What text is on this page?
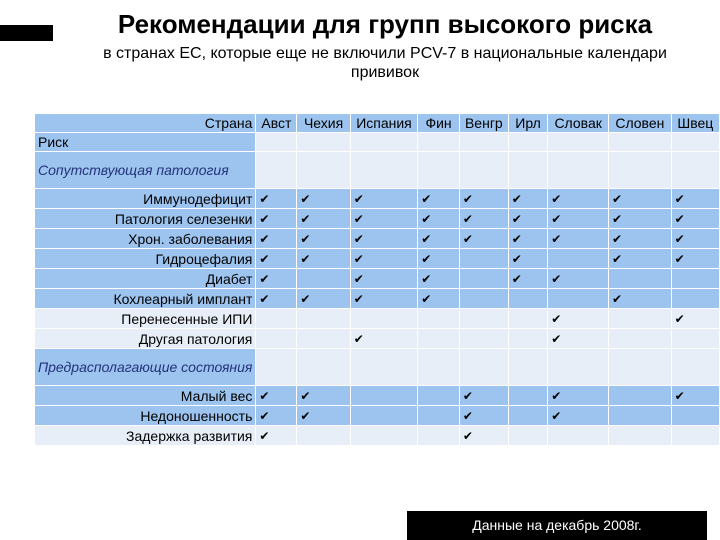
Рекомендации для групп высокого риска
в странах ЕС, которые еще не включили PCV-7 в национальные календари
прививок
Страна	Авст	Чехия	Испания	Фин	Венгр	Ирл	Словак	Словен	Швец
Риск									
Сопутствующая патология									
Иммунодефицит	✔	✔	✔	✔	✔	✔	✔	✔	✔
Патология селезенки	✔	✔	✔	✔	✔	✔	✔	✔	✔
Хрон. заболевания	✔	✔	✔	✔	✔	✔	✔	✔	✔
Гидроцефалия	✔	✔	✔	✔		✔		✔	✔
Диабет	✔		✔	✔		✔	✔		
Кохлеарный имплант	✔	✔	✔	✔				✔	
Перенесенные ИПИ							✔		✔
Другая патология			✔				✔		
Предрасполагающие состояния									
Малый вес	✔	✔			✔		✔		✔
Недоношенность	✔	✔			✔		✔		
Задержка развития	✔				✔				
Данные на декабрь 2008г.
